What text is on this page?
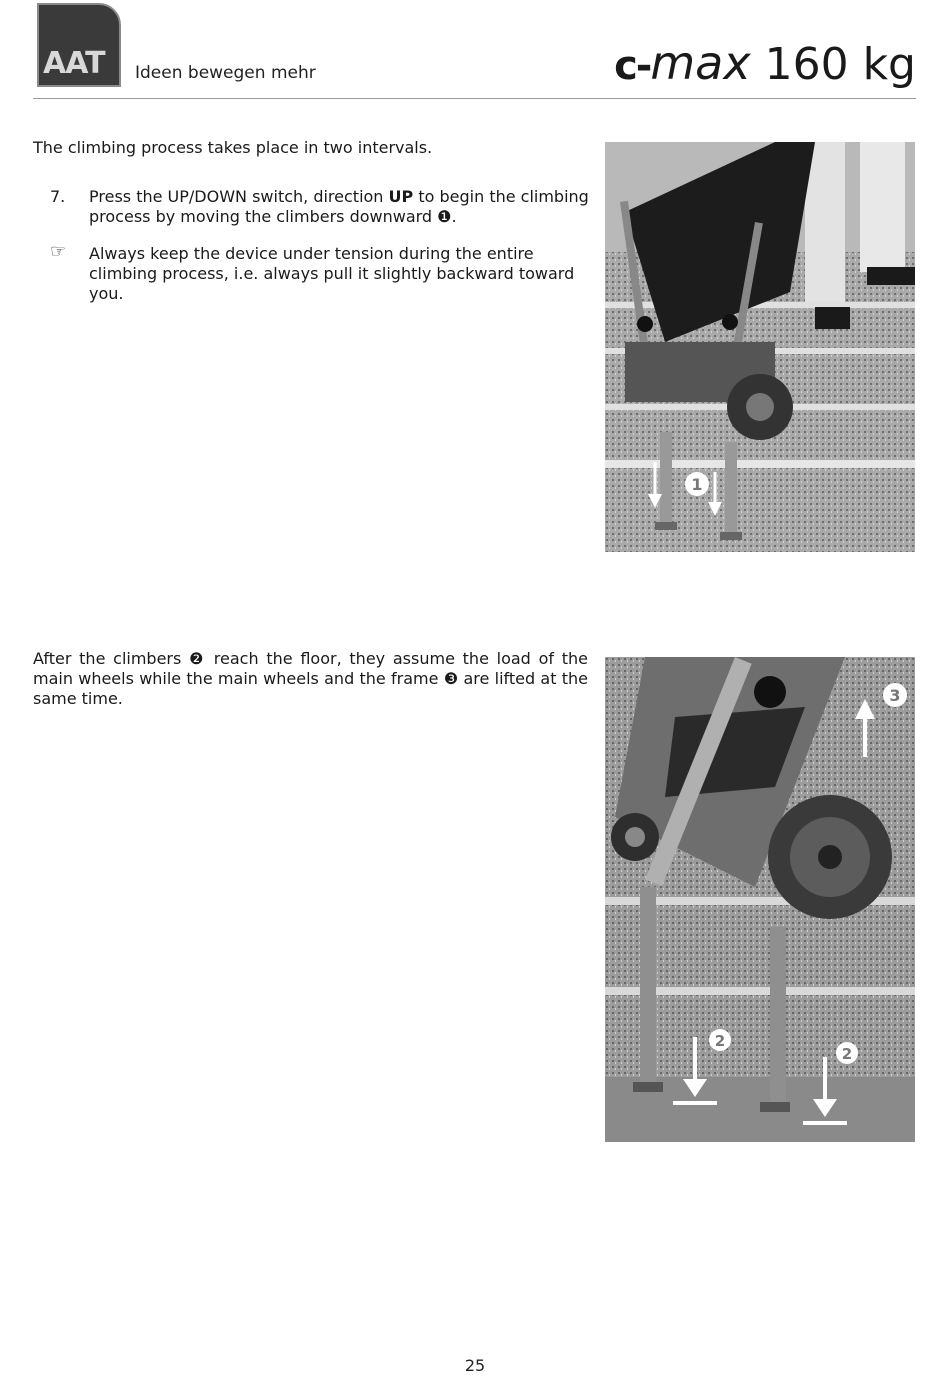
AAT Ideen bewegen mehr	c-max 160 kg
The climbing process takes place in two intervals.
7. Press the UP/DOWN switch, direction UP to begin the climbing process by moving the climbers downward ❶.
☞ Always keep the device under tension during the entire climbing process, i.e. always pull it slightly backward toward you.
After the climbers ❷ reach the floor, they assume the load of the main wheels while the main wheels and the frame ❸ are lifted at the same time.
1
3
2
2
25
